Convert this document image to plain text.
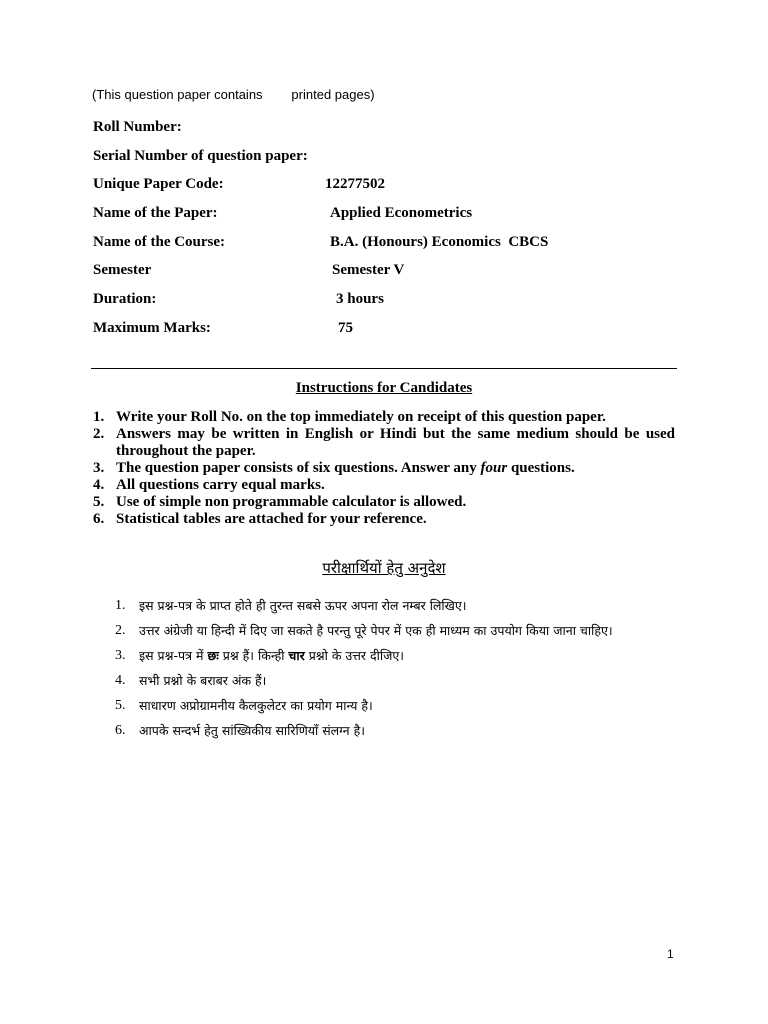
(This question paper contains        printed pages)
Roll Number:
Serial Number of question paper:
Unique Paper Code:	12277502
Name of the Paper:	Applied Econometrics
Name of the Course:	B.A. (Honours) Economics  CBCS
Semester	Semester V
Duration:	3 hours
Maximum Marks:	75
Instructions for Candidates
1. Write your Roll No. on the top immediately on receipt of this question paper.
2. Answers may be written in English or Hindi but the same medium should be used throughout the paper.
3. The question paper consists of six questions. Answer any four questions.
4. All questions carry equal marks.
5. Use of simple non programmable calculator is allowed.
6. Statistical tables are attached for your reference.
परीक्षार्थियों हेतु अनुदेश
1. इस प्रश्न-पत्र के प्राप्त होते ही तुरन्त सबसे ऊपर अपना रोल नम्बर लिखिए।
2. उत्तर अंग्रेजी या हिन्दी में दिए जा सकते है परन्तु पूरे पेपर में एक ही माध्यम का उपयोग किया जाना चाहिए।
3. इस प्रश्न-पत्र में छः प्रश्न हैं। किन्ही चार प्रश्नो के उत्तर दीजिए।
4. सभी प्रश्नो के बराबर अंक हैं।
5. साधारण अप्रोग्रामनीय कैलकुलेटर का प्रयोग मान्य है।
6. आपके सन्दर्भ हेतु सांख्यिकीय सारिणियाँ संलग्न है।
1
